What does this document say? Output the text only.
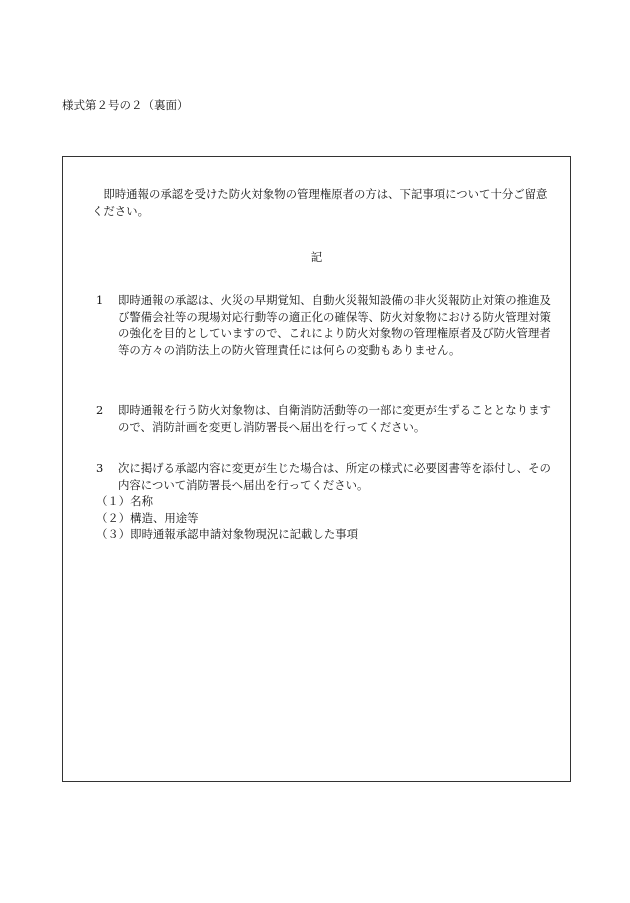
様式第２号の２（裏面）
即時通報の承認を受けた防火対象物の管理権原者の方は、下記事項について十分ご留意ください。
記
1	即時通報の承認は、火災の早期覚知、自動火災報知設備の非火災報防止対策の推進及び警備会社等の現場対応行動等の適正化の確保等、防火対象物における防火管理対策の強化を目的としていますので、これにより防火対象物の管理権原者及び防火管理者等の方々の消防法上の防火管理責任には何らの変動もありません。
2	即時通報を行う防火対象物は、自衛消防活動等の一部に変更が生ずることとなりますので、消防計画を変更し消防署長へ届出を行ってください。
3	次に掲げる承認内容に変更が生じた場合は、所定の様式に必要図書等を添付し、その内容について消防署長へ届出を行ってください。
（１）名称
（２）構造、用途等
（３）即時通報承認申請対象物現況に記載した事項
